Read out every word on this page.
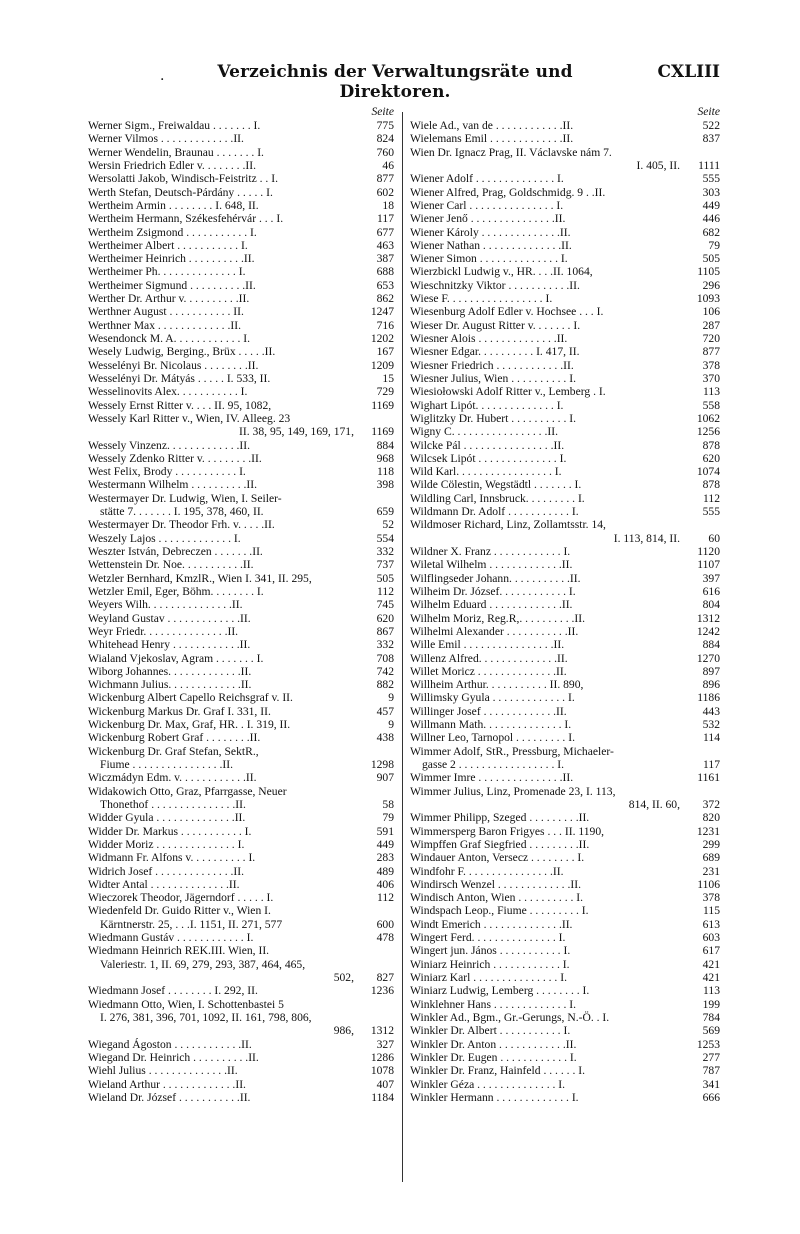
·	Verzeichnis der Verwaltungsräte und Direktoren.
CXLIII
Seite
Werner Sigm., Freiwaldau . . . . . . . I.	775
Werner Vilmos . . . . . . . . . . . . .II.	824
Werner Wendelin, Braunau . . . . . . . I.	760
Wersin Friedrich Edler v. . . . . . . .II.	46
Wersolatti Jakob, Windisch-Feistritz . . I.	877
Werth Stefan, Deutsch-Párdány . . . . . I.	602
Wertheim Armin . . . . . . . . I. 648, II.	18
Wertheim Hermann, Székesfehérvár . . . I.	117
Wertheim Zsigmond . . . . . . . . . . . I.	677
Wertheimer Albert . . . . . . . . . . . I.	463
Wertheimer Heinrich . . . . . . . . . .II.	387
Wertheimer Ph. . . . . . . . . . . . . . I.	688
Wertheimer Sigmund . . . . . . . . . .II.	653
Werther Dr. Arthur v. . . . . . . . . .II.	862
Werthner August . . . . . . . . . . . II.	1247
Werthner Max . . . . . . . . . . . . .II.	716
Wesendonck M. A. . . . . . . . . . . . I.	1202
Wesely Ludwig, Berging., Brüx . . . . .II.	167
Wesselényi Br. Nicolaus . . . . . . . .II.	1209
Wesselényi Dr. Mátyás . . . . . I. 533, II.	15
Wesselinovits Alex. . . . . . . . . . . I.	729
Wessely Ernst Ritter v. . . . II. 95, 1082,	1169
Wessely Karl Ritter v., Wien, IV. Alleeg. 23
II. 38, 95, 149, 169, 171,	1169
Wessely Vinzenz. . . . . . . . . . . . .II.	884
Wessely Zdenko Ritter v. . . . . . . . .II.	968
West Felix, Brody . . . . . . . . . . . I.	118
Westermann Wilhelm . . . . . . . . . .II.	398
Westermayer Dr. Ludwig, Wien, I. Seiler-
stätte 7. . . . . . . I. 195, 378, 460, II.	659
Westermayer Dr. Theodor Frh. v. . . . .II.	52
Weszely Lajos . . . . . . . . . . . . . I.	554
Weszter István, Debreczen . . . . . . .II.	332
Wettenstein Dr. Noe. . . . . . . . . . .II.	737
Wetzler Bernhard, KmzlR., Wien I. 341, II. 295,	505
Wetzler Emil, Eger, Böhm. . . . . . . . I.	112
Weyers Wilh. . . . . . . . . . . . . . .II.	745
Weyland Gustav . . . . . . . . . . . . .II.	620
Weyr Friedr. . . . . . . . . . . . . . .II.	867
Whitehead Henry . . . . . . . . . . . .II.	332
Wialand Vjekoslav, Agram . . . . . . . I.	708
Wiborg Johannes. . . . . . . . . . . . .II.	742
Wichmann Julius. . . . . . . . . . . . .II.	882
Wickenburg Albert Capello Reichsgraf v. II.	9
Wickenburg Markus Dr. Graf I. 331, II.	457
Wickenburg Dr. Max, Graf, HR. . I. 319, II.	9
Wickenburg Robert Graf . . . . . . . .II.	438
Wickenburg Dr. Graf Stefan, SektR.,
Fiume . . . . . . . . . . . . . . . .II.	1298
Wiczmádyn Edm. v. . . . . . . . . . . .II.	907
Widakowich Otto, Graz, Pfarrgasse, Neuer
Thonethof . . . . . . . . . . . . . . .II.	58
Widder Gyula . . . . . . . . . . . . . .II.	79
Widder Dr. Markus . . . . . . . . . . . I.	591
Widder Moriz . . . . . . . . . . . . . . I.	449
Widmann Fr. Alfons v. . . . . . . . . . I.	283
Widrich Josef . . . . . . . . . . . . . .II.	489
Widter Antal . . . . . . . . . . . . . .II.	406
Wieczorek Theodor, Jägerndorf . . . . . I.	112
Wiedenfeld Dr. Guido Ritter v., Wien I.
Kärntnerstr. 25, . . .I. 1151, II. 271, 577	600
Wiedmann Gustáv . . . . . . . . . . . . I.	478
Wiedmann Heinrich REK.III. Wien, II.
Valeriestr. 1, II. 69, 279, 293, 387, 464, 465,
502,	827
Wiedmann Josef . . . . . . . . I. 292, II.	1236
Wiedmann Otto, Wien, I. Schottenbastei 5
I. 276, 381, 396, 701, 1092, II. 161, 798, 806,
986,	1312
Wiegand Ágoston . . . . . . . . . . . .II.	327
Wiegand Dr. Heinrich . . . . . . . . . .II.	1286
Wiehl Julius . . . . . . . . . . . . . .II.	1078
Wieland Arthur . . . . . . . . . . . . .II.	407
Wieland Dr. József . . . . . . . . . . .II.	1184
Seite
Wiele Ad., van de . . . . . . . . . . . .II.	522
Wielemans Emil . . . . . . . . . . . . .II.	837
Wien Dr. Ignacz Prag, II. Václavske nám 7.
I. 405, II.	1111
Wiener Adolf . . . . . . . . . . . . . . I.	555
Wiener Alfred, Prag, Goldschmidg. 9 . .II.	303
Wiener Carl . . . . . . . . . . . . . . . I.	449
Wiener Jenő . . . . . . . . . . . . . . .II.	446
Wiener Károly . . . . . . . . . . . . . .II.	682
Wiener Nathan . . . . . . . . . . . . . .II.	79
Wiener Simon . . . . . . . . . . . . . . I.	505
Wierzbickl Ludwig v., HR. . . .II. 1064,	1105
Wieschnitzky Viktor . . . . . . . . . . .II.	296
Wiese F. . . . . . . . . . . . . . . . . I.	1093
Wiesenburg Adolf Edler v. Hochsee . . . I.	106
Wieser Dr. August Ritter v. . . . . . . I.	287
Wiesner Alois . . . . . . . . . . . . . .II.	720
Wiesner Edgar. . . . . . . . . . I. 417, II.	877
Wiesner Friedrich . . . . . . . . . . . .II.	378
Wiesner Julius, Wien . . . . . . . . . . I.	370
Wiesiołowski Adolf Ritter v., Lemberg . I.	113
Wighart Lipót. . . . . . . . . . . . . . I.	558
Wiglitzky Dr. Hubert . . . . . . . . . . I.	1062
Wigny C. . . . . . . . . . . . . . . . .II.	1256
Wilcke Pál . . . . . . . . . . . . . . . .II.	878
Wilcsek Lipót . . . . . . . . . . . . . . I.	620
Wild Karl. . . . . . . . . . . . . . . . . I.	1074
Wilde Cölestin, Wegstädtl . . . . . . . I.	878
Wildling Carl, Innsbruck. . . . . . . . . I.	112
Wildmann Dr. Adolf . . . . . . . . . . . I.	555
Wildmoser Richard, Linz, Zollamtsstr. 14,
I. 113, 814, II.	60
Wildner X. Franz . . . . . . . . . . . . I.	1120
Wiletal Wilhelm . . . . . . . . . . . . .II.	1107
Wilflingseder Johann. . . . . . . . . . .II.	397
Wilheim Dr. József. . . . . . . . . . . . I.	616
Wilhelm Eduard . . . . . . . . . . . . .II.	804
Wilhelm Moriz, Reg.R,. . . . . . . . . .II.	1312
Wilhelmi Alexander . . . . . . . . . . .II.	1242
Wille Emil . . . . . . . . . . . . . . . .II.	884
Willenz Alfred. . . . . . . . . . . . . .II.	1270
Willet Moricz . . . . . . . . . . . . . .II.	897
Willheim Arthur. . . . . . . . . . . II. 890,	896
Willimsky Gyula . . . . . . . . . . . . . I.	1186
Willinger Josef . . . . . . . . . . . . .II.	443
Willmann Math. . . . . . . . . . . . . . I.	532
Willner Leo, Tarnopol . . . . . . . . . I.	114
Wimmer Adolf, StR., Pressburg, Michaeler-
gasse 2 . . . . . . . . . . . . . . . . . I.	117
Wimmer Imre . . . . . . . . . . . . . . .II.	1161
Wimmer Julius, Linz, Promenade 23, I. 113,
814, II. 60,	372
Wimmer Philipp, Szeged . . . . . . . . .II.	820
Wimmersperg Baron Frigyes . . . II. 1190,	1231
Wimpffen Graf Siegfried . . . . . . . . .II.	299
Windauer Anton, Versecz . . . . . . . . I.	689
Windfohr F. . . . . . . . . . . . . . . .II.	231
Windirsch Wenzel . . . . . . . . . . . . .II.	1106
Windisch Anton, Wien . . . . . . . . . . I.	378
Windspach Leop., Fiume . . . . . . . . . I.	115
Windt Emerich . . . . . . . . . . . . . .II.	613
Wingert Ferd. . . . . . . . . . . . . . . I.	603
Wingert jun. János . . . . . . . . . . . I.	617
Winiarz Heinrich . . . . . . . . . . . . I.	421
Winiarz Karl . . . . . . . . . . . . . . . I.	421
Winiarz Ludwig, Lemberg . . . . . . . . I.	113
Winklehner Hans . . . . . . . . . . . . . I.	199
Winkler Ad., Bgm., Gr.-Gerungs, N.-Ö. . I.	784
Winkler Dr. Albert . . . . . . . . . . . I.	569
Winkler Dr. Anton . . . . . . . . . . . .II.	1253
Winkler Dr. Eugen . . . . . . . . . . . . I.	277
Winkler Dr. Franz, Hainfeld . . . . . . I.	787
Winkler Géza . . . . . . . . . . . . . . I.	341
Winkler Hermann . . . . . . . . . . . . . I.	666
